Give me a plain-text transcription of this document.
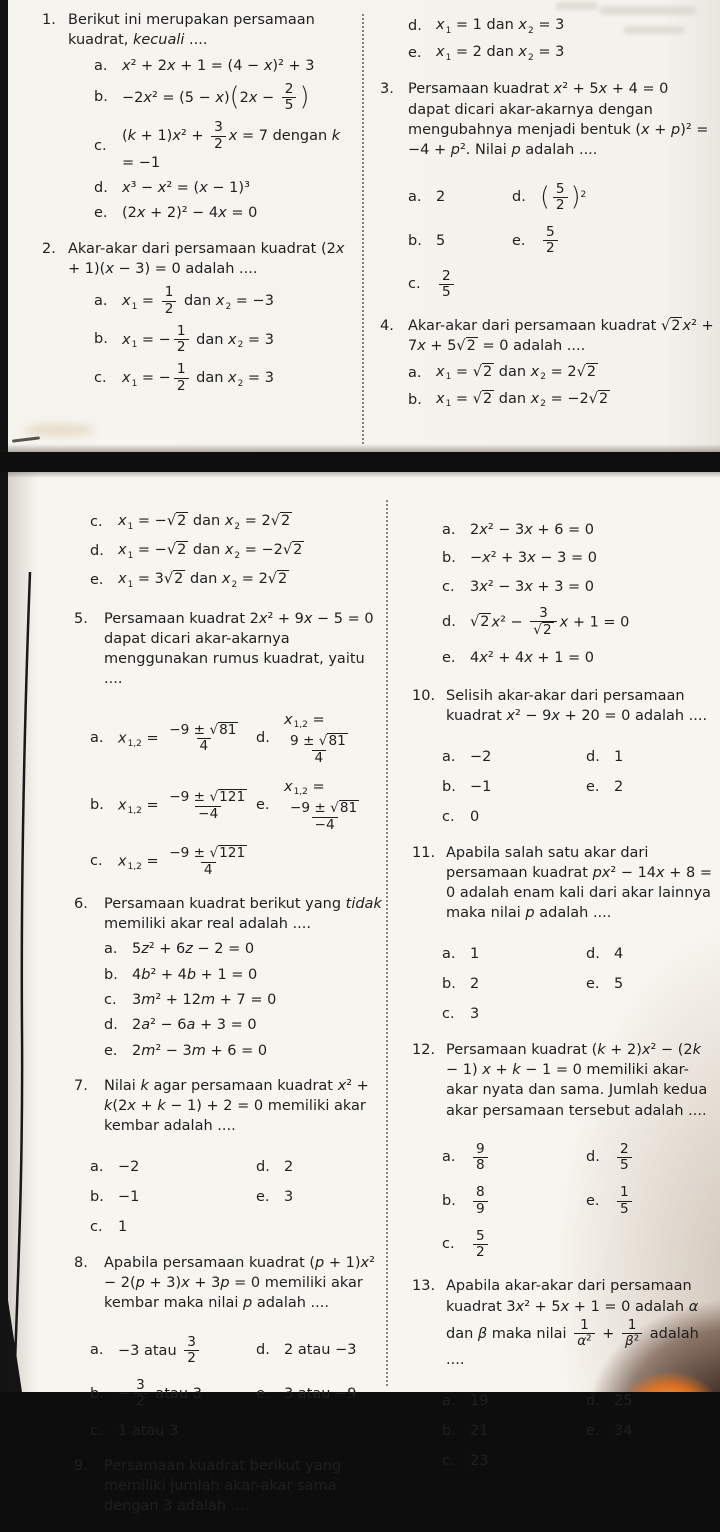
1. Berikut ini merupakan persamaan kuadrat, kecuali ....
a.	x² + 2x + 1 = (4 − x)² + 3
b. $-2x^2 = (5 - x)(2x - \frac{2}{5}$ )
c.
$(k + 1)x^2 + \frac{3}{2}$ x = 7 dengan k = −1
d. x³ − x² = (x − 1)³
e. (2x + 2)² − 4x = 0
2. Akar-akar dari persamaan kuadrat (2x + 1)(x − 3) = 0 adalah ....
a.	$x_1 = \frac{1}{2}$ dan $x_2 = -3$
b. $x_1$ = − $\frac{1}{2}$ dan $x_2 = 3$
c.	$x_1$ = − $\frac{1}{2}$ dan $x_2 = 3$
d. $x_1 = 1$ dan $x_2 = 3$
e. $x_1 = 2$ dan $x_2 = 3$
3. Persamaan kuadrat x² + 5x + 4 = 0 dapat dicari akar-akarnya dengan mengubahnya menjadi bentuk (x + p)² = −4 + p². Nilai p adalah ....
a.	2	d. ( $\frac{5}{2} )^2$
b. 5	e.	$\frac{5}{2}$
c.	$\frac{2}{5}$
4. Akar-akar dari persamaan kuadrat √2 x² + 7x + 5√2 = 0 adalah ....
a.	$x_1 = √2$ dan $x_2 = 2√2$
b. $x_1 = √2$ dan $x_2 = -2√2$
c.	$x_1 = -√2$ dan $x_2 = 2√2$
d. $x_1 = -√2$ dan $x_2 = -2√2$
e. $x_1 = 3√2$ dan $x_2 = 2√2$
5.	Persamaan kuadrat 2x² + 9x − 5 = 0 dapat dicari akar-akarnya menggunakan rumus kuadrat, yaitu ....
a.	$x_{1,2} = \frac{-9 \pm √81}{4} d$.
$x_{1,2}$ =
$\frac{9 \pm √81}{4}$
b. $x_{1,2} = \frac{-9 \pm √121}{-4} e$.
$x_{1,2}$ =
$\frac{-9 \pm √81}{-4}$
c.	$x_{1,2} = \frac{-9 \pm √121}{4}$
6.	Persamaan kuadrat berikut yang tidak memiliki akar real adalah ....
a.	5z² + 6z − 2 = 0
b. 4b² + 4b + 1 = 0
c.	3m² + 12m + 7 = 0
d. 2a² − 6a + 3 = 0
e. 2m² − 3m + 6 = 0
7.	Nilai k agar persamaan kuadrat x² + k(2x + k − 1) + 2 = 0 memiliki akar kembar adalah ....
a.	−2	d. 2
b. −1	e. 3
c.	1
8.	Apabila persamaan kuadrat (p + 1)x² − 2(p + 3)x + 3p = 0 memiliki akar kembar maka nilai p adalah ....
a.	−3 atau $\frac{3}{2}$	d. 2 atau −3
b. − $\frac{3}{2}$ atau 3	e. 3 atau −9
c.	1 atau 3
9.	Persamaan kuadrat berikut yang memiliki jumlah akar-akar sama dengan 3 adalah ....
a.	2x² − 3x + 6 = 0
b. −x² + 3x − 3 = 0
c.	3x² − 3x + 3 = 0
d. √2 $x^2 - \frac{3}{√2}$ x + 1 = 0
e. 4x² + 4x + 1 = 0
10. Selisih akar-akar dari persamaan kuadrat x² − 9x + 20 = 0 adalah ....
a.	−2	d. 1
b. −1	e. 2
c.	0
11. Apabila salah satu akar dari persamaan kuadrat px² − 14x + 8 = 0 adalah enam kali dari akar lainnya maka nilai p adalah ....
a.	1	d. 4
b. 2	e. 5
c.	3
12. Persamaan kuadrat (k + 2)x² − (2k − 1) x + k − 1 = 0 memiliki akar-akar nyata dan sama. Jumlah kedua akar persamaan tersebut adalah ....
a.	$\frac{9}{8}$	d.	$\frac{2}{5}$
b.	$\frac{8}{9}$	e.	$\frac{1}{5}$
c.	$\frac{5}{2}$
13. Apabila akar-akar dari persamaan kuadrat 3x² + 5x + 1 = 0 adalah α dan β maka nilai $\frac{1}{\text{α²}} + \frac{1}{\text{β²}}$ adalah ....
a.	19	d. 25
b. 21	e. 34
c.	23
